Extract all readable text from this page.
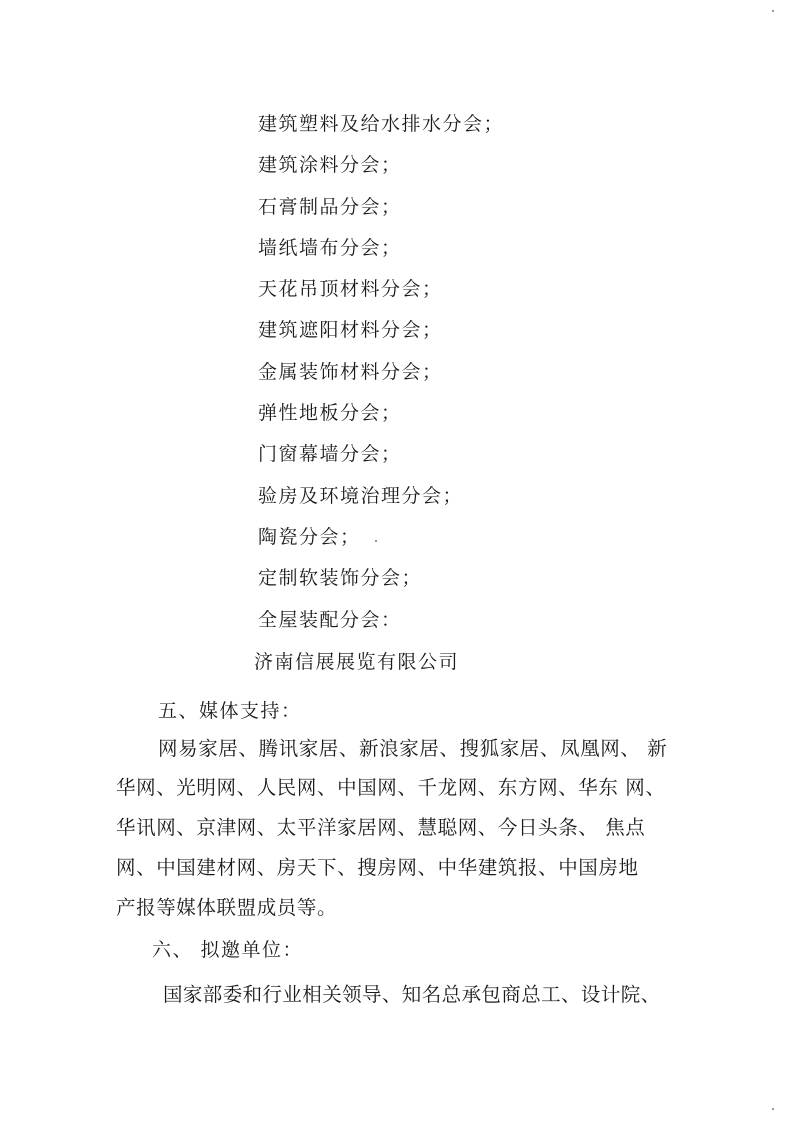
建筑塑料及给水排水分会；
建筑涂料分会；
石膏制品分会；
墙纸墙布分会；
天花吊顶材料分会；
建筑遮阳材料分会；
金属装饰材料分会；
弹性地板分会；
门窗幕墙分会；
验房及环境治理分会；
陶瓷分会；
定制软装饰分会；
全屋装配分会：
济南信展展览有限公司
五、媒体支持：
网易家居、腾讯家居、新浪家居、搜狐家居、凤凰网、 新
华网、光明网、人民网、中国网、千龙网、东方网、华东 网、
华讯网、京津网、太平洋家居网、慧聪网、今日头条、 焦点
网、中国建材网、房天下、搜房网、中华建筑报、中国房地
产报等媒体联盟成员等。
六、 拟邀单位：
国家部委和行业相关领导、知名总承包商总工、设计院、
